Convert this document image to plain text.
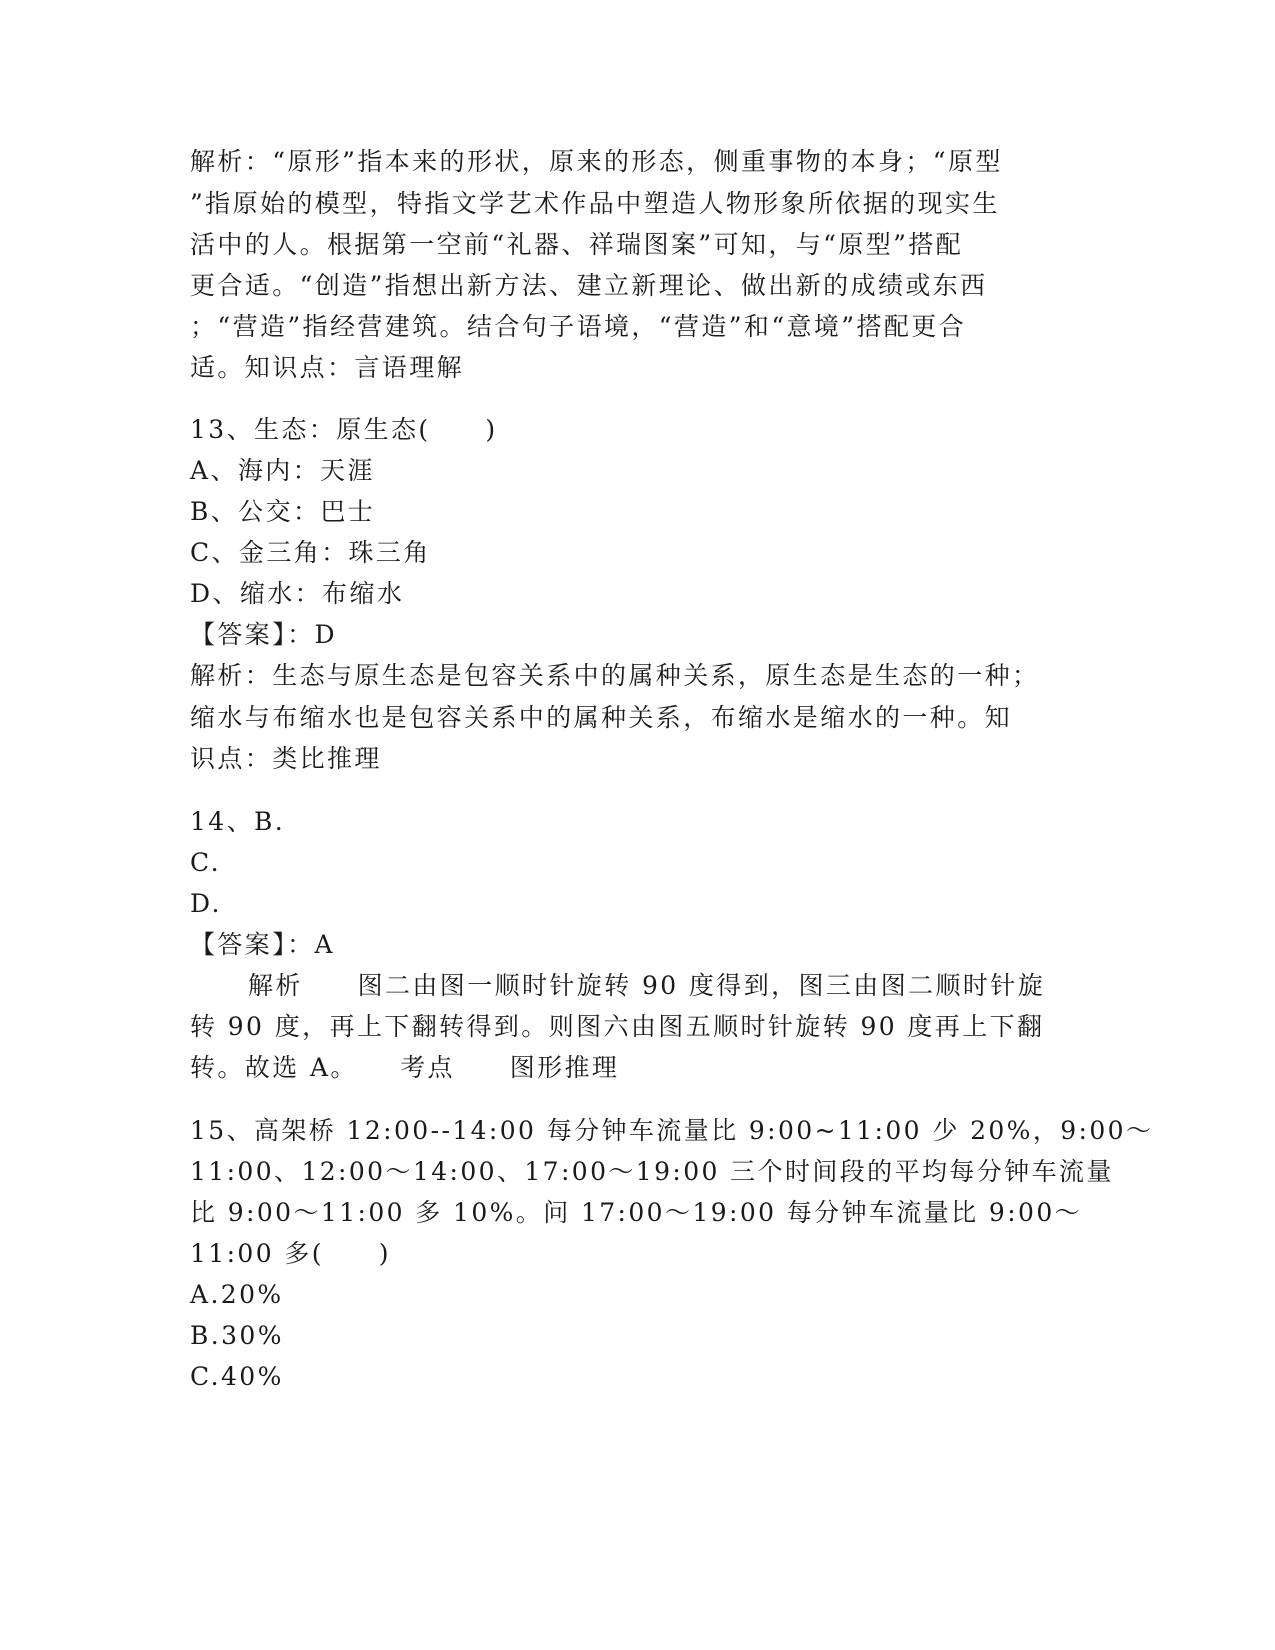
解析：“原形”指本来的形状，原来的形态，侧重事物的本身；“原型
”指原始的模型，特指文学艺术作品中塑造人物形象所依据的现实生
活中的人。根据第一空前“礼器、祥瑞图案”可知，与“原型”搭配
更合适。“创造”指想出新方法、建立新理论、做出新的成绩或东西
；“营造”指经营建筑。结合句子语境，“营造”和“意境”搭配更合
适。知识点：言语理解
13、生态：原生态(　　)
A、海内：天涯
B、公交：巴士
C、金三角：珠三角
D、缩水：布缩水
【答案】：D
解析：生态与原生态是包容关系中的属种关系，原生态是生态的一种；
缩水与布缩水也是包容关系中的属种关系，布缩水是缩水的一种。知
识点：类比推理
14、B.
C.
D.
【答案】：A
解析　　图二由图一顺时针旋转 90 度得到，图三由图二顺时针旋
转 90 度，再上下翻转得到。则图六由图五顺时针旋转 90 度再上下翻
转。故选 A。　　考点　　图形推理
15、高架桥 12:00--14:00 每分钟车流量比 9:00~11:00 少 20%，9:00～
11:00、12:00～14:00、17:00～19:00 三个时间段的平均每分钟车流量
比 9:00～11:00 多 10%。问 17:00～19:00 每分钟车流量比 9:00～
11:00 多(　　)
A.20%
B.30%
C.40%
